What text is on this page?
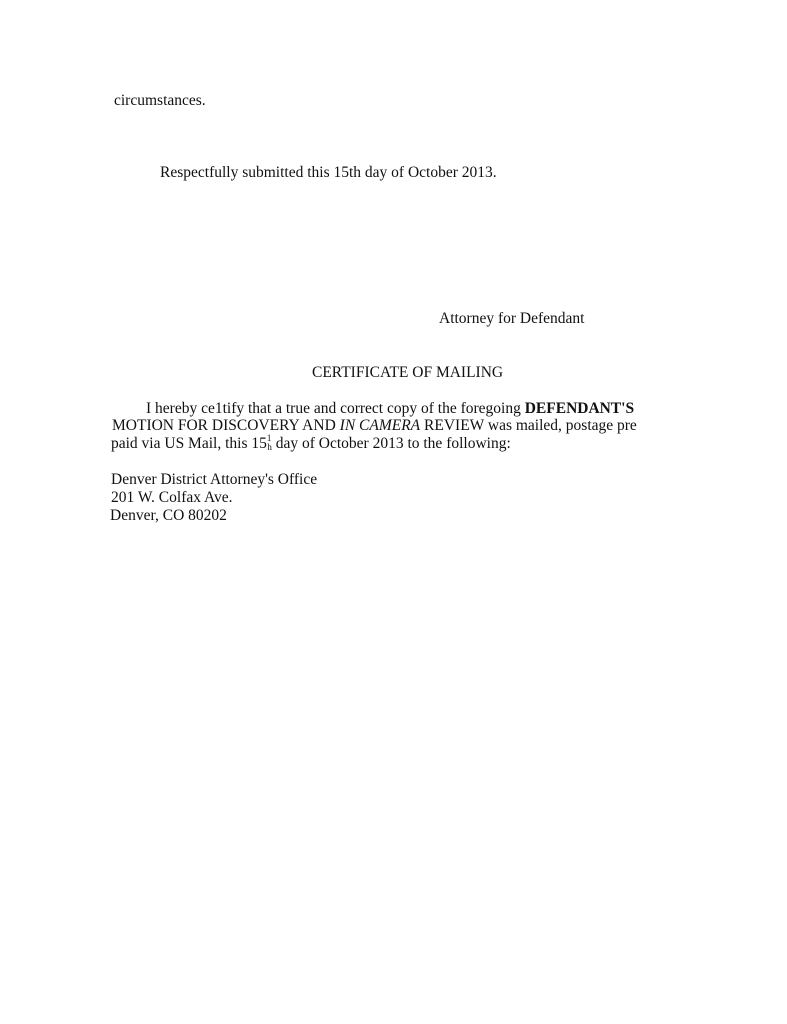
circumstances.
Respectfully submitted this 15th day of October 2013.
Attorney for Defendant
CERTIFICATE OF MAILING
I hereby ce1tify that a true and correct copy of the foregoing DEFENDANT'S
MOTION FOR DISCOVERY AND IN CAMERA REVIEW was mailed, postage pre
paid via US Mail, this $15^1h$ day of October 2013 to the following:
Denver District Attorney's Office
201 W. Colfax Ave.
Denver, CO 80202
